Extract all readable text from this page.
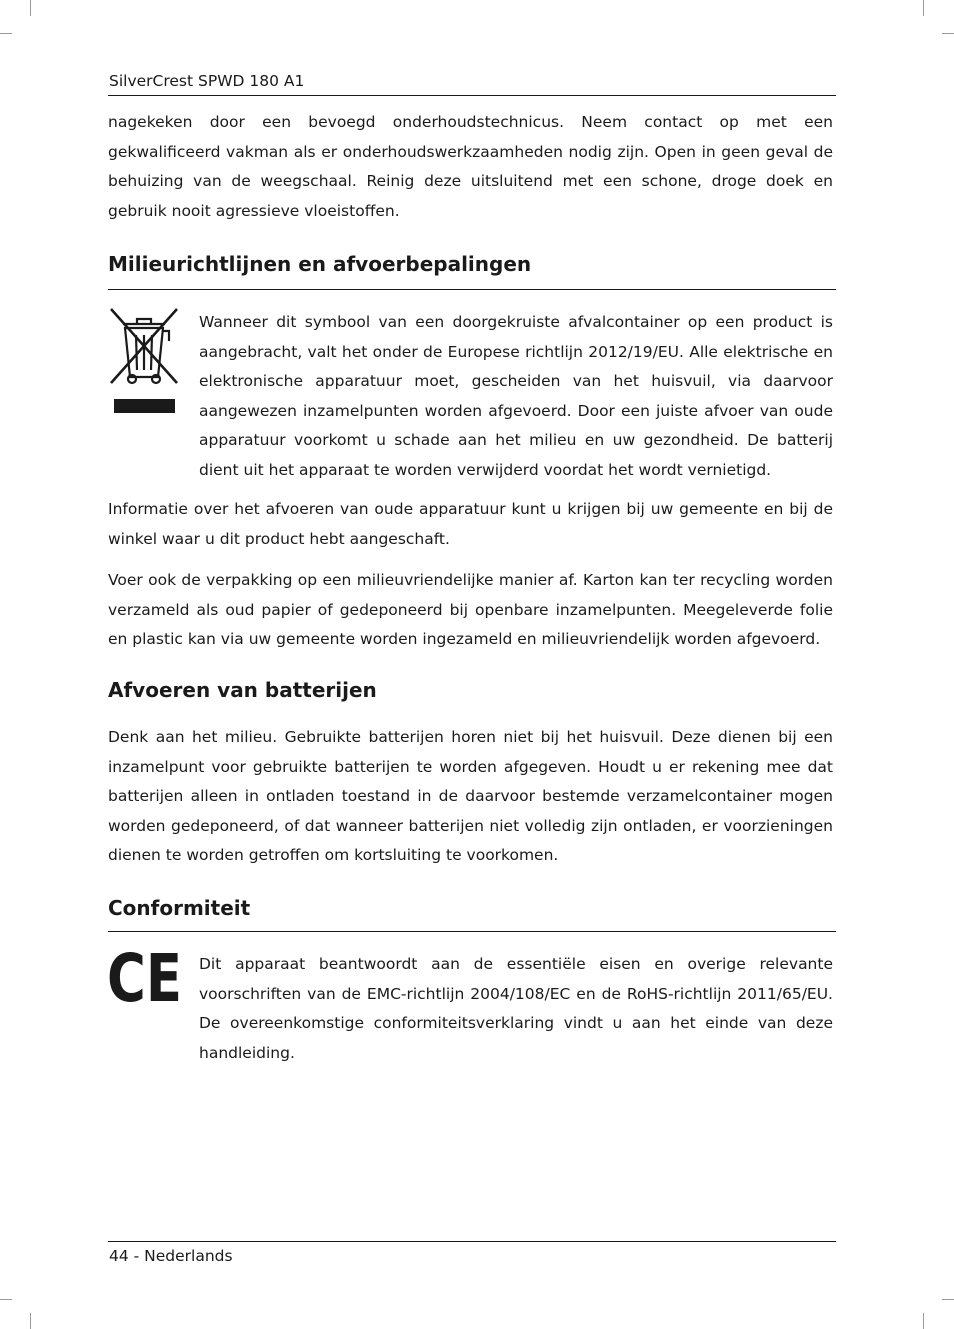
SilverCrest SPWD 180 A1

nagekeken door een bevoegd onderhoudstechnicus. Neem contact op met een gekwalificeerd vakman als er onderhoudswerkzaamheden nodig zijn. Open in geen geval de behuizing van de weegschaal. Reinig deze uitsluitend met een schone, droge doek en gebruik nooit agressieve vloeistoffen.

Milieurichtlijnen en afvoerbepalingen

Wanneer dit symbool van een doorgekruiste afvalcontainer op een product is aangebracht, valt het onder de Europese richtlijn 2012/19/EU. Alle elektrische en elektronische apparatuur moet, gescheiden van het huisvuil, via daarvoor aangewezen inzamelpunten worden afgevoerd. Door een juiste afvoer van oude apparatuur voorkomt u schade aan het milieu en uw gezondheid. De batterij dient uit het apparaat te worden verwijderd voordat het wordt vernietigd.

Informatie over het afvoeren van oude apparatuur kunt u krijgen bij uw gemeente en bij de winkel waar u dit product hebt aangeschaft.

Voer ook de verpakking op een milieuvriendelijke manier af. Karton kan ter recycling worden verzameld als oud papier of gedeponeerd bij openbare inzamelpunten. Meegeleverde folie en plastic kan via uw gemeente worden ingezameld en milieuvriendelijk worden afgevoerd.

Afvoeren van batterijen

Denk aan het milieu. Gebruikte batterijen horen niet bij het huisvuil. Deze dienen bij een inzamelpunt voor gebruikte batterijen te worden afgegeven. Houdt u er rekening mee dat batterijen alleen in ontladen toestand in de daarvoor bestemde verzamelcontainer mogen worden gedeponeerd, of dat wanneer batterijen niet volledig zijn ontladen, er voorzieningen dienen te worden getroffen om kortsluiting te voorkomen.

Conformiteit
CE Dit apparaat beantwoordt aan de essentiële eisen en overige relevante voorschriften van de EMC-richtlijn 2004/108/EC en de RoHS-richtlijn 2011/65/EU. De overeenkomstige conformiteitsverklaring vindt u aan het einde van deze handleiding.

44 - Nederlands
